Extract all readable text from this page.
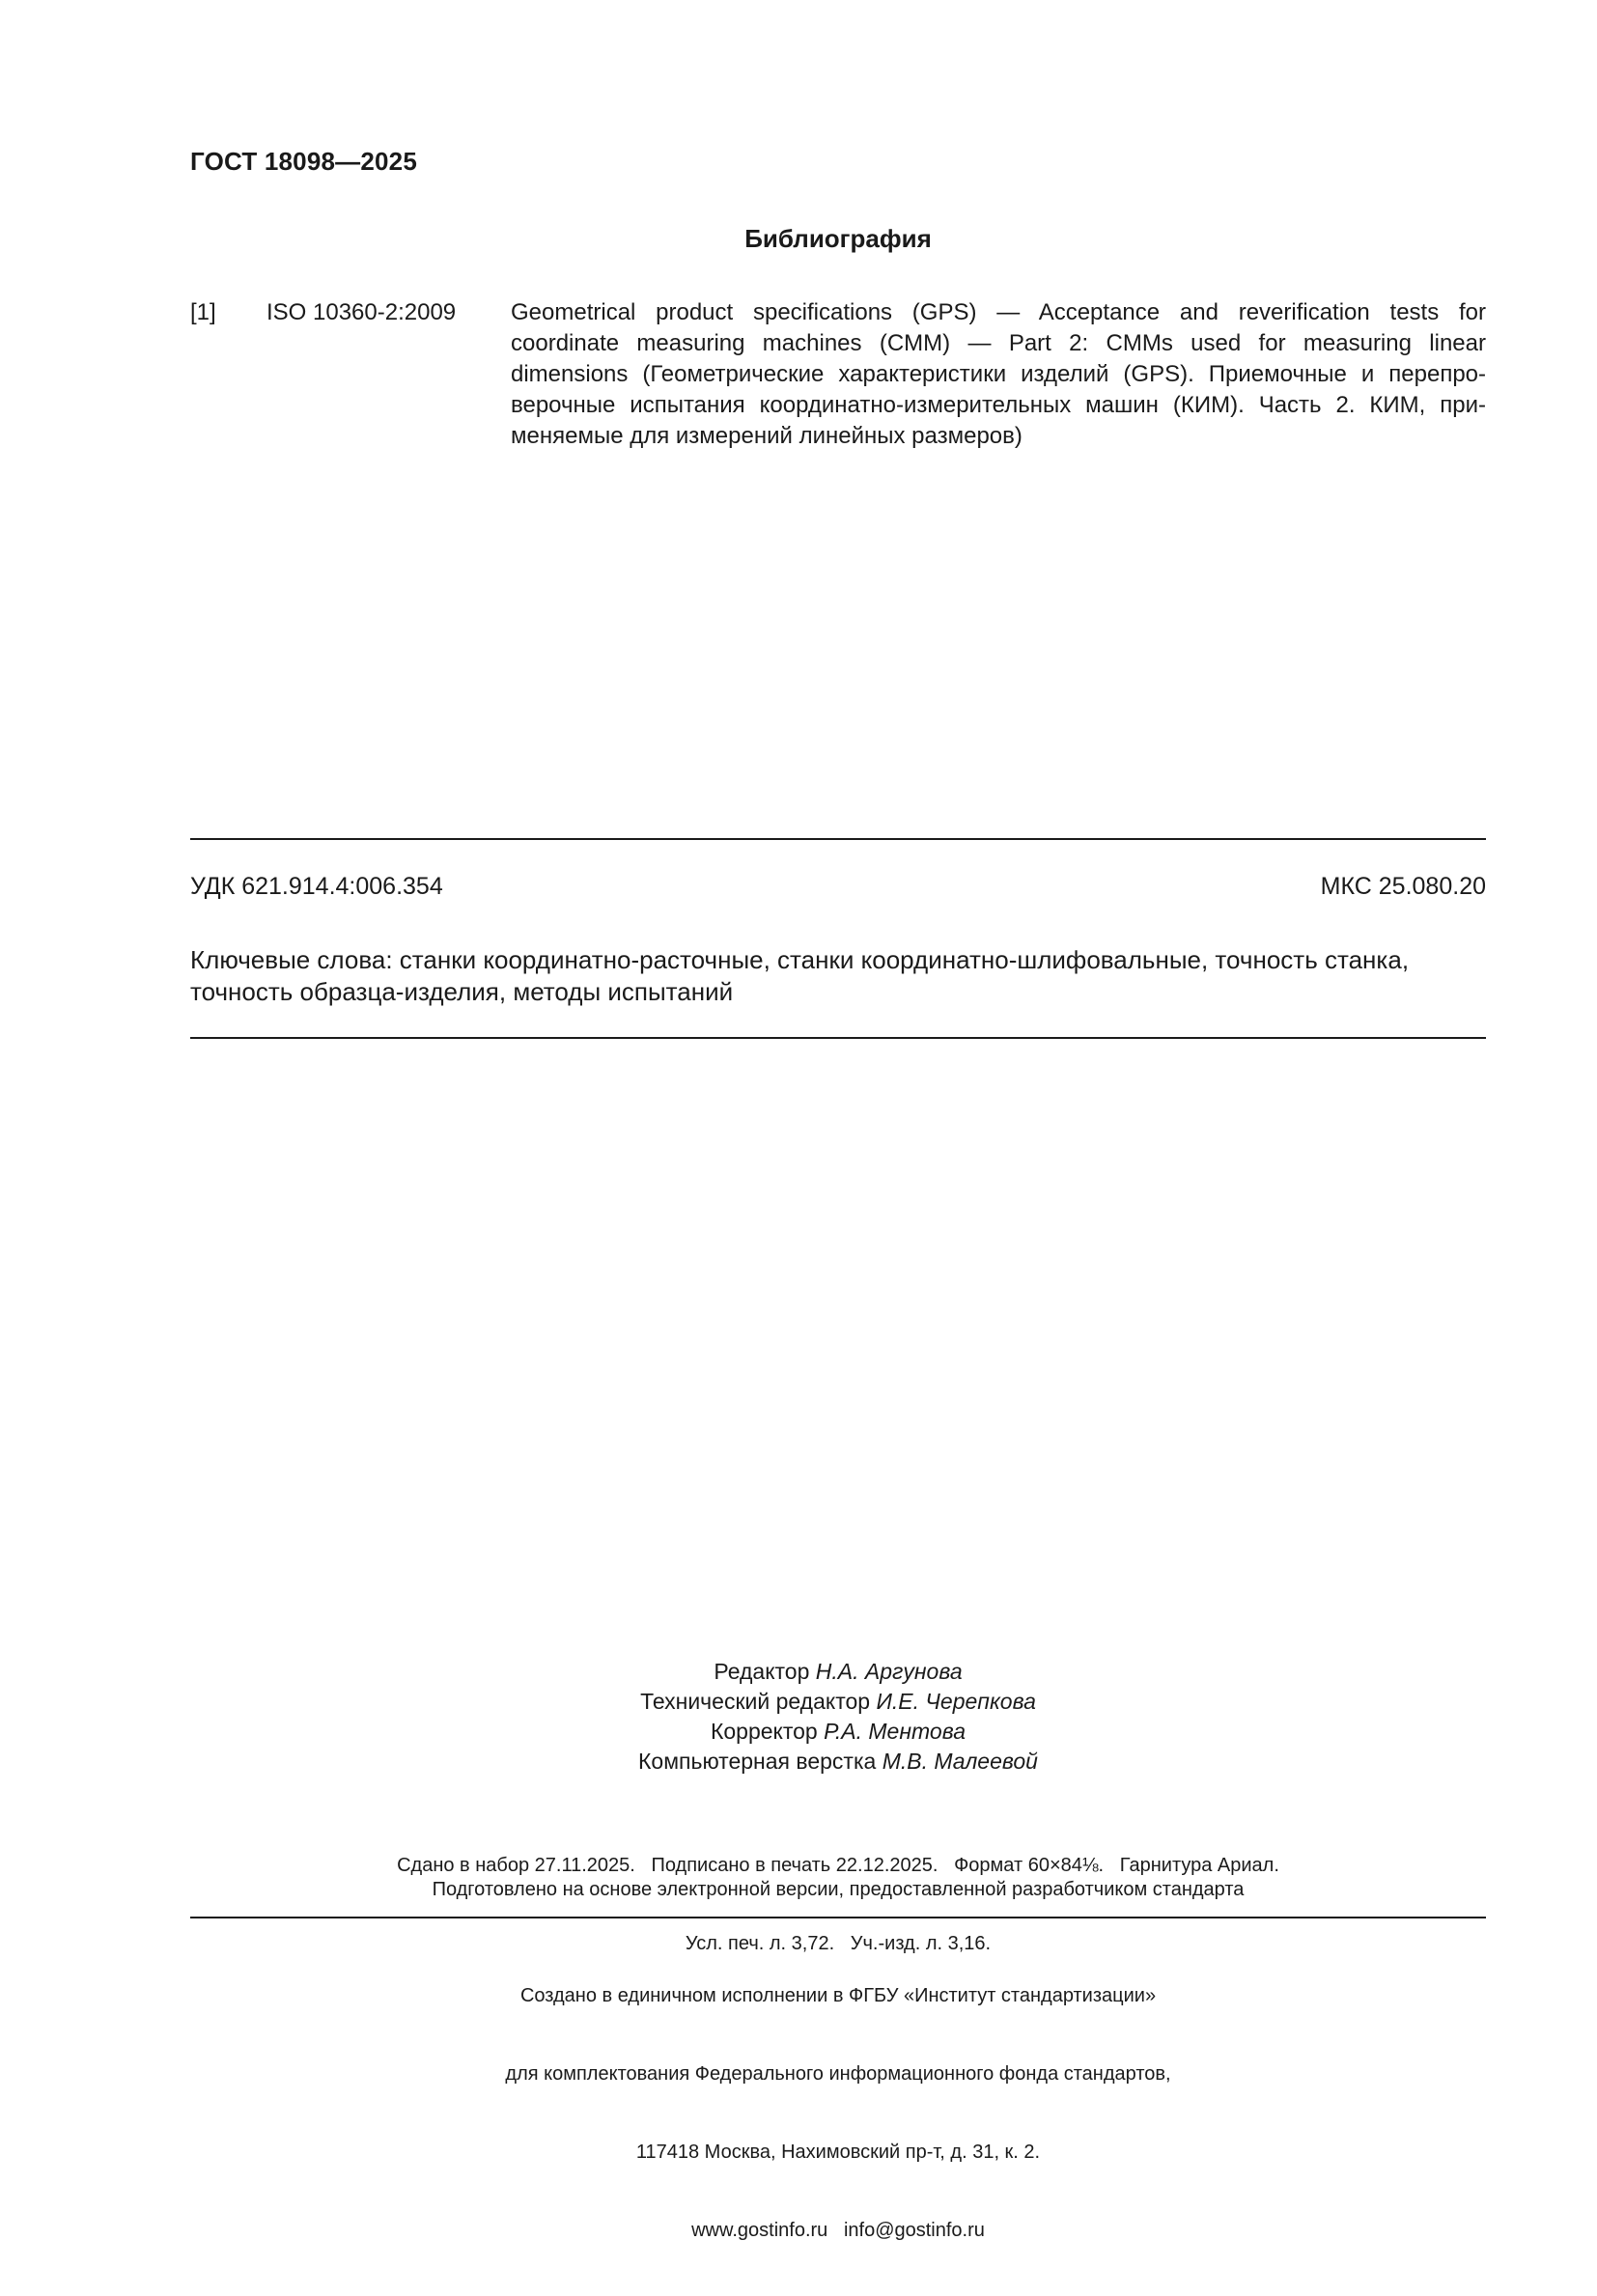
ГОСТ 18098—2025
Библиография
[1] ISO 10360-2:2009 Geometrical product specifications (GPS) — Acceptance and reverification tests for
coordinate measuring machines (CMM) — Part 2: CMMs used for measuring linear
dimensions (Геометрические характеристики изделий (GPS). Приемочные и перепро-
верочные испытания координатно-измерительных машин (КИМ). Часть 2. КИМ, при-
меняемые для измерений линейных размеров)
УДК 621.914.4:006.354	МКС 25.080.20
Ключевые слова: станки координатно-расточные, станки координатно-шлифовальные, точность станка,
точность образца-изделия, методы испытаний
Редактор Н.А. Аргунова
Технический редактор И.Е. Черепкова
Корректор Р.А. Ментова
Компьютерная верстка М.В. Малеевой

Сдано в набор 27.11.2025.   Подписано в печать 22.12.2025.   Формат 60×84⅛.   Гарнитура Ариал.

Усл. печ. л. 3,72.   Уч.-изд. л. 3,16.

Подготовлено на основе электронной версии, предоставленной разработчиком стандарта

Создано в единичном исполнении в ФГБУ «Институт стандартизации»

для комплектования Федерального информационного фонда стандартов,

117418 Москва, Нахимовский пр-т, д. 31, к. 2.

www.gostinfo.ru   info@gostinfo.ru
